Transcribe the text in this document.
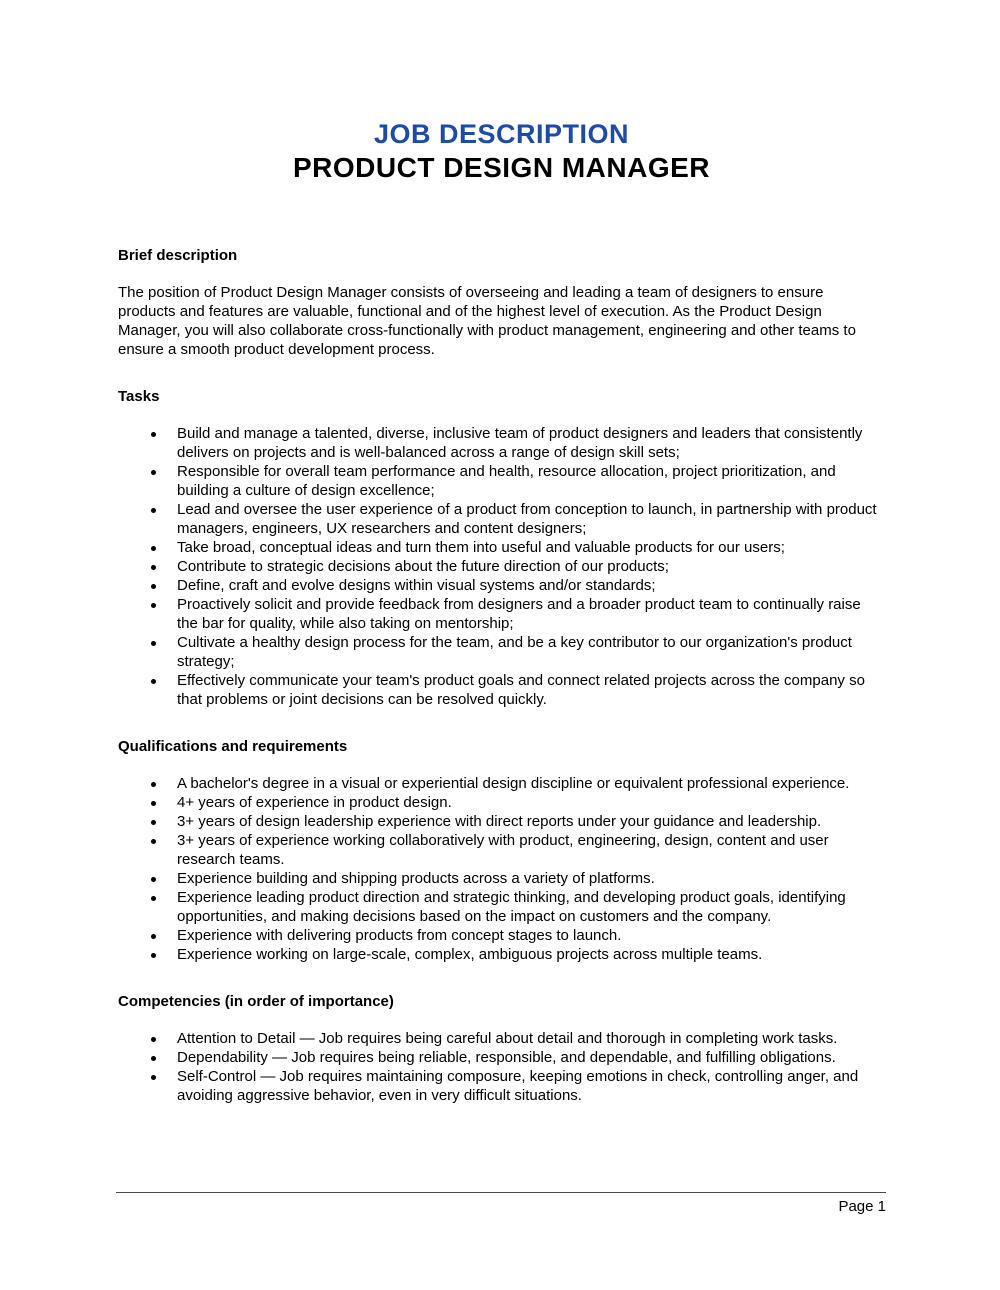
JOB DESCRIPTION
PRODUCT DESIGN MANAGER
Brief description

The position of Product Design Manager consists of overseeing and leading a team of designers to ensure products and features are valuable, functional and of the highest level of execution. As the Product Design Manager, you will also collaborate cross-functionally with product management, engineering and other teams to ensure a smooth product development process.

Tasks
Build and manage a talented, diverse, inclusive team of product designers and leaders that consistently delivers on projects and is well-balanced across a range of design skill sets;
Responsible for overall team performance and health, resource allocation, project prioritization, and building a culture of design excellence;
Lead and oversee the user experience of a product from conception to launch, in partnership with product managers, engineers, UX researchers and content designers;
Take broad, conceptual ideas and turn them into useful and valuable products for our users;
Contribute to strategic decisions about the future direction of our products;
Define, craft and evolve designs within visual systems and/or standards;
Proactively solicit and provide feedback from designers and a broader product team to continually raise the bar for quality, while also taking on mentorship;
Cultivate a healthy design process for the team, and be a key contributor to our organization's product strategy;
Effectively communicate your team's product goals and connect related projects across the company so that problems or joint decisions can be resolved quickly.
Qualifications and requirements
A bachelor's degree in a visual or experiential design discipline or equivalent professional experience.
4+ years of experience in product design.
3+ years of design leadership experience with direct reports under your guidance and leadership.
3+ years of experience working collaboratively with product, engineering, design, content and user research teams.
Experience building and shipping products across a variety of platforms.
Experience leading product direction and strategic thinking, and developing product goals, identifying opportunities, and making decisions based on the impact on customers and the company.
Experience with delivering products from concept stages to launch.
Experience working on large-scale, complex, ambiguous projects across multiple teams.
Competencies (in order of importance)
Attention to Detail — Job requires being careful about detail and thorough in completing work tasks.
Dependability — Job requires being reliable, responsible, and dependable, and fulfilling obligations.
Self-Control — Job requires maintaining composure, keeping emotions in check, controlling anger, and avoiding aggressive behavior, even in very difficult situations.
Page 1
